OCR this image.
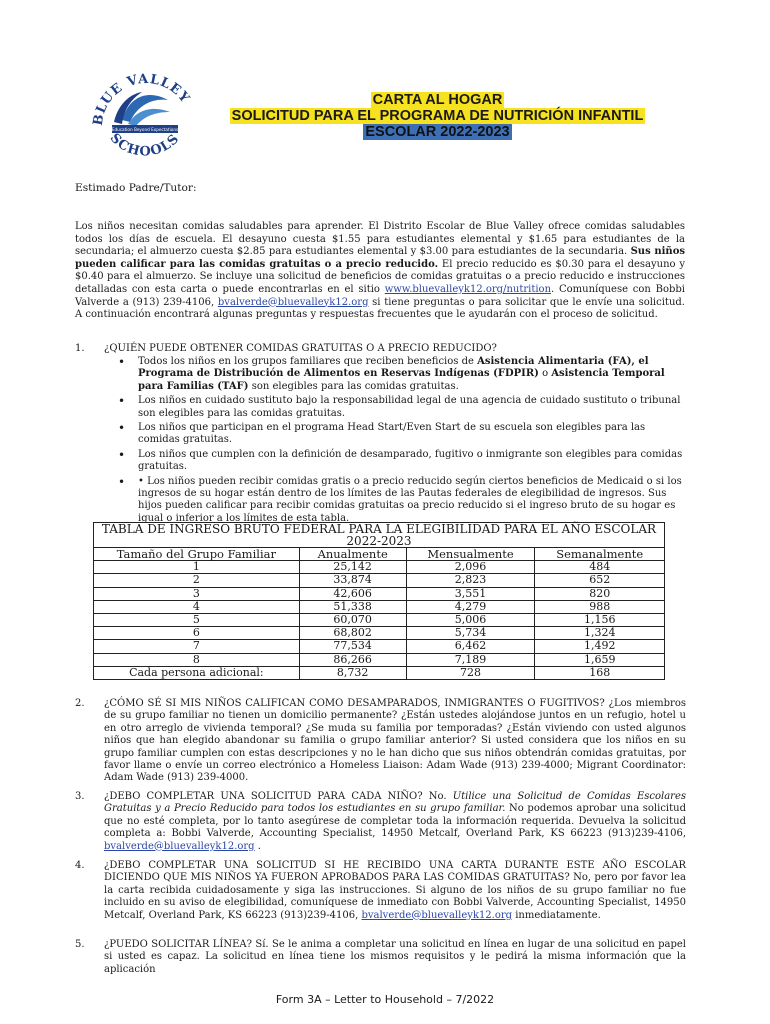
BLUE VALLEY
Education Beyond Expectations
SCHOOLS
CARTA AL HOGAR
SOLICITUD PARA EL PROGRAMA DE NUTRICIÓN INFANTIL
ESCOLAR 2022-2023
Estimado Padre/Tutor:
Los niños necesitan comidas saludables para aprender. El Distrito Escolar de Blue Valley ofrece comidas saludables todos los días de escuela. El desayuno cuesta $1.55 para estudiantes elemental y $1.65 para estudiantes de la secundaria; el almuerzo cuesta $2.85 para estudiantes elemental y $3.00 para estudiantes de la secundaria. Sus niños pueden calificar para las comidas gratuitas o a precio reducido. El precio reducido es $0.30 para el desayuno y $0.40 para el almuerzo. Se incluye una solicitud de beneficios de comidas gratuitas o a precio reducido e instrucciones detalladas con esta carta o puede encontrarlas en el sitio www.bluevalleyk12.org/nutrition. Comuníquese con Bobbi Valverde a (913) 239-4106, bvalverde@bluevalleyk12.org si tiene preguntas o para solicitar que le envíe una solicitud. A continuación encontrará algunas preguntas y respuestas frecuentes que le ayudarán con el proceso de solicitud.
1. ¿QUIÉN PUEDE OBTENER COMIDAS GRATUITAS O A PRECIO REDUCIDO?
• Todos los niños en los grupos familiares que reciben beneficios de Asistencia Alimentaria (FA), el Programa de Distribución de Alimentos en Reservas Indígenas (FDPIR) o Asistencia Temporal para Familias (TAF) son elegibles para las comidas gratuitas.
• Los niños en cuidado sustituto bajo la responsabilidad legal de una agencia de cuidado sustituto o tribunal son elegibles para las comidas gratuitas.
• Los niños que participan en el programa Head Start/Even Start de su escuela son elegibles para las comidas gratuitas.
• Los niños que cumplen con la definición de desamparado, fugitivo o inmigrante son elegibles para comidas gratuitas.
• • Los niños pueden recibir comidas gratis o a precio reducido según ciertos beneficios de Medicaid o si los ingresos de su hogar están dentro de los límites de las Pautas federales de elegibilidad de ingresos. Sus hijos pueden calificar para recibir comidas gratuitas oa precio reducido si el ingreso bruto de su hogar es igual o inferior a los límites de esta tabla.
TABLA DE INGRESO BRUTO FEDERAL PARA LA ELEGIBILIDAD PARA EL AÑO ESCOLAR 2022-2023			
Tamaño del Grupo Familiar	Anualmente	Mensualmente	Semanalmente
1	25,142	2,096	484
2	33,874	2,823	652
3	42,606	3,551	820
4	51,338	4,279	988
5	60,070	5,006	1,156
6	68,802	5,734	1,324
7	77,534	6,462	1,492
8	86,266	7,189	1,659
Cada persona adicional:	8,732	728	168
2. ¿CÓMO SÉ SI MIS NIÑOS CALIFICAN COMO DESAMPARADOS, INMIGRANTES O FUGITIVOS? ¿Los miembros de su grupo familiar no tienen un domicilio permanente? ¿Están ustedes alojándose juntos en un refugio, hotel u en otro arreglo de vivienda temporal? ¿Se muda su familia por temporadas? ¿Están viviendo con usted algunos niños que han elegido abandonar su familia o grupo familiar anterior? Si usted considera que los niños en su grupo familiar cumplen con estas descripciones y no le han dicho que sus niños obtendrán comidas gratuitas, por favor llame o envíe un correo electrónico a Homeless Liaison: Adam Wade (913) 239-4000; Migrant Coordinator: Adam Wade (913) 239-4000.
3. ¿DEBO COMPLETAR UNA SOLICITUD PARA CADA NIÑO? No. Utilice una Solicitud de Comidas Escolares Gratuitas y a Precio Reducido para todos los estudiantes en su grupo familiar. No podemos aprobar una solicitud que no esté completa, por lo tanto asegúrese de completar toda la información requerida. Devuelva la solicitud completa a: Bobbi Valverde, Accounting Specialist, 14950 Metcalf, Overland Park, KS 66223 (913)239-4106, bvalverde@bluevalleyk12.org .
4. ¿DEBO COMPLETAR UNA SOLICITUD SI HE RECIBIDO UNA CARTA DURANTE ESTE AÑO ESCOLAR DICIENDO QUE MIS NIÑOS YA FUERON APROBADOS PARA LAS COMIDAS GRATUITAS? No, pero por favor lea la carta recibida cuidadosamente y siga las instrucciones. Si alguno de los niños de su grupo familiar no fue incluido en su aviso de elegibilidad, comuníquese de inmediato con Bobbi Valverde, Accounting Specialist, 14950 Metcalf, Overland Park, KS 66223 (913)239-4106, bvalverde@bluevalleyk12.org inmediatamente.
5. ¿PUEDO SOLICITAR LÍNEA? Sí. Se le anima a completar una solicitud en línea en lugar de una solicitud en papel si usted es capaz. La solicitud en línea tiene los mismos requisitos y le pedirá la misma información que la aplicación
Form 3A – Letter to Household – 7/2022
